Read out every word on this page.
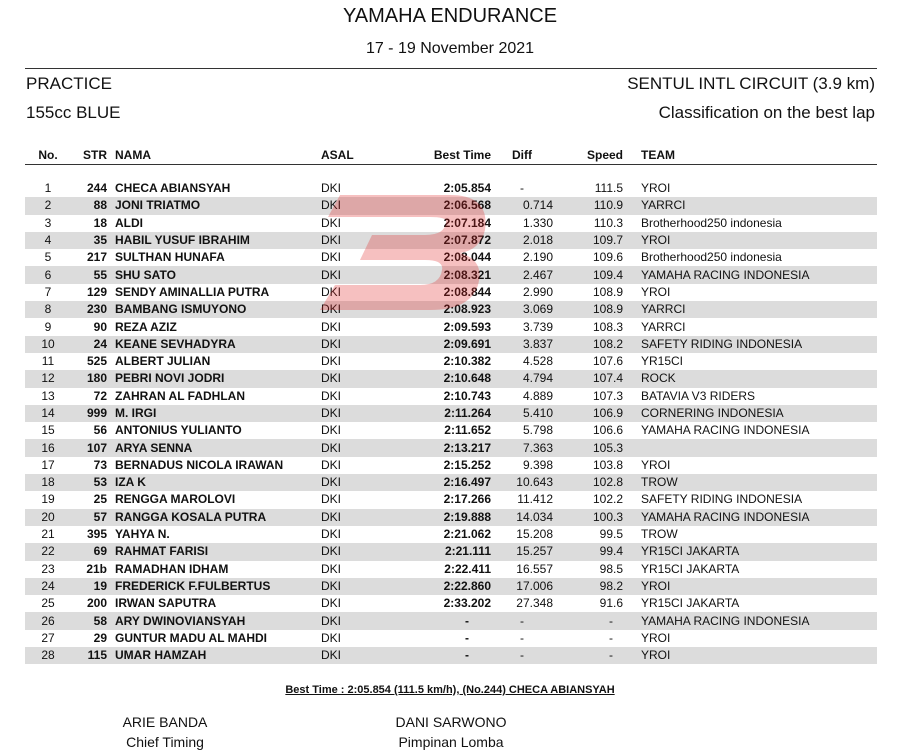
YAMAHA ENDURANCE
17 - 19 November 2021
PRACTICE
155cc BLUE
SENTUL INTL CIRCUIT (3.9 km)
Classification on the best lap
No.	STR	NAMA	ASAL	Best Time	Diff	Speed	TEAM

1	244	CHECA ABIANSYAH	DKI	2:05.854	-	111.5	YROI
2	88	JONI TRIATMO	DKI	2:06.568	0.714	110.9	YARRCI
3	18	ALDI	DKI	2:07.184	1.330	110.3	Brotherhood250 indonesia
4	35	HABIL YUSUF IBRAHIM	DKI	2:07.872	2.018	109.7	YROI
5	217	SULTHAN HUNAFA	DKI	2:08.044	2.190	109.6	Brotherhood250 indonesia
6	55	SHU SATO	DKI	2:08.321	2.467	109.4	YAMAHA RACING INDONESIA
7	129	SENDY AMINALLIA PUTRA	DKI	2:08.844	2.990	108.9	YROI
8	230	BAMBANG ISMUYONO	DKI	2:08.923	3.069	108.9	YARRCI
9	90	REZA AZIZ	DKI	2:09.593	3.739	108.3	YARRCI
10	24	KEANE SEVHADYRA	DKI	2:09.691	3.837	108.2	SAFETY RIDING INDONESIA
11	525	ALBERT JULIAN	DKI	2:10.382	4.528	107.6	YR15CI
12	180	PEBRI NOVI JODRI	DKI	2:10.648	4.794	107.4	ROCK
13	72	ZAHRAN AL FADHLAN	DKI	2:10.743	4.889	107.3	BATAVIA V3 RIDERS
14	999	M. IRGI	DKI	2:11.264	5.410	106.9	CORNERING INDONESIA
15	56	ANTONIUS YULIANTO	DKI	2:11.652	5.798	106.6	YAMAHA RACING INDONESIA
16	107	ARYA SENNA	DKI	2:13.217	7.363	105.3	
17	73	BERNADUS NICOLA IRAWAN	DKI	2:15.252	9.398	103.8	YROI
18	53	IZA K	DKI	2:16.497	10.643	102.8	TROW
19	25	RENGGA MAROLOVI	DKI	2:17.266	11.412	102.2	SAFETY RIDING INDONESIA
20	57	RANGGA KOSALA PUTRA	DKI	2:19.888	14.034	100.3	YAMAHA RACING INDONESIA
21	395	YAHYA N.	DKI	2:21.062	15.208	99.5	TROW
22	69	RAHMAT FARISI	DKI	2:21.111	15.257	99.4	YR15CI JAKARTA
23	21b	RAMADHAN IDHAM	DKI	2:22.411	16.557	98.5	YR15CI JAKARTA
24	19	FREDERICK F.FULBERTUS	DKI	2:22.860	17.006	98.2	YROI
25	200	IRWAN SAPUTRA	DKI	2:33.202	27.348	91.6	YR15CI JAKARTA
26	58	ARY DWINOVIANSYAH	DKI	-	-	-	YAMAHA RACING INDONESIA
27	29	GUNTUR MADU AL MAHDI	DKI	-	-	-	YROI
28	115	UMAR HAMZAH	DKI	-	-	-	YROI
Best Time : 2:05.854 (111.5 km/h), (No.244) CHECA ABIANSYAH
ARIE BANDA
Chief Timing
DANI SARWONO
Pimpinan Lomba
